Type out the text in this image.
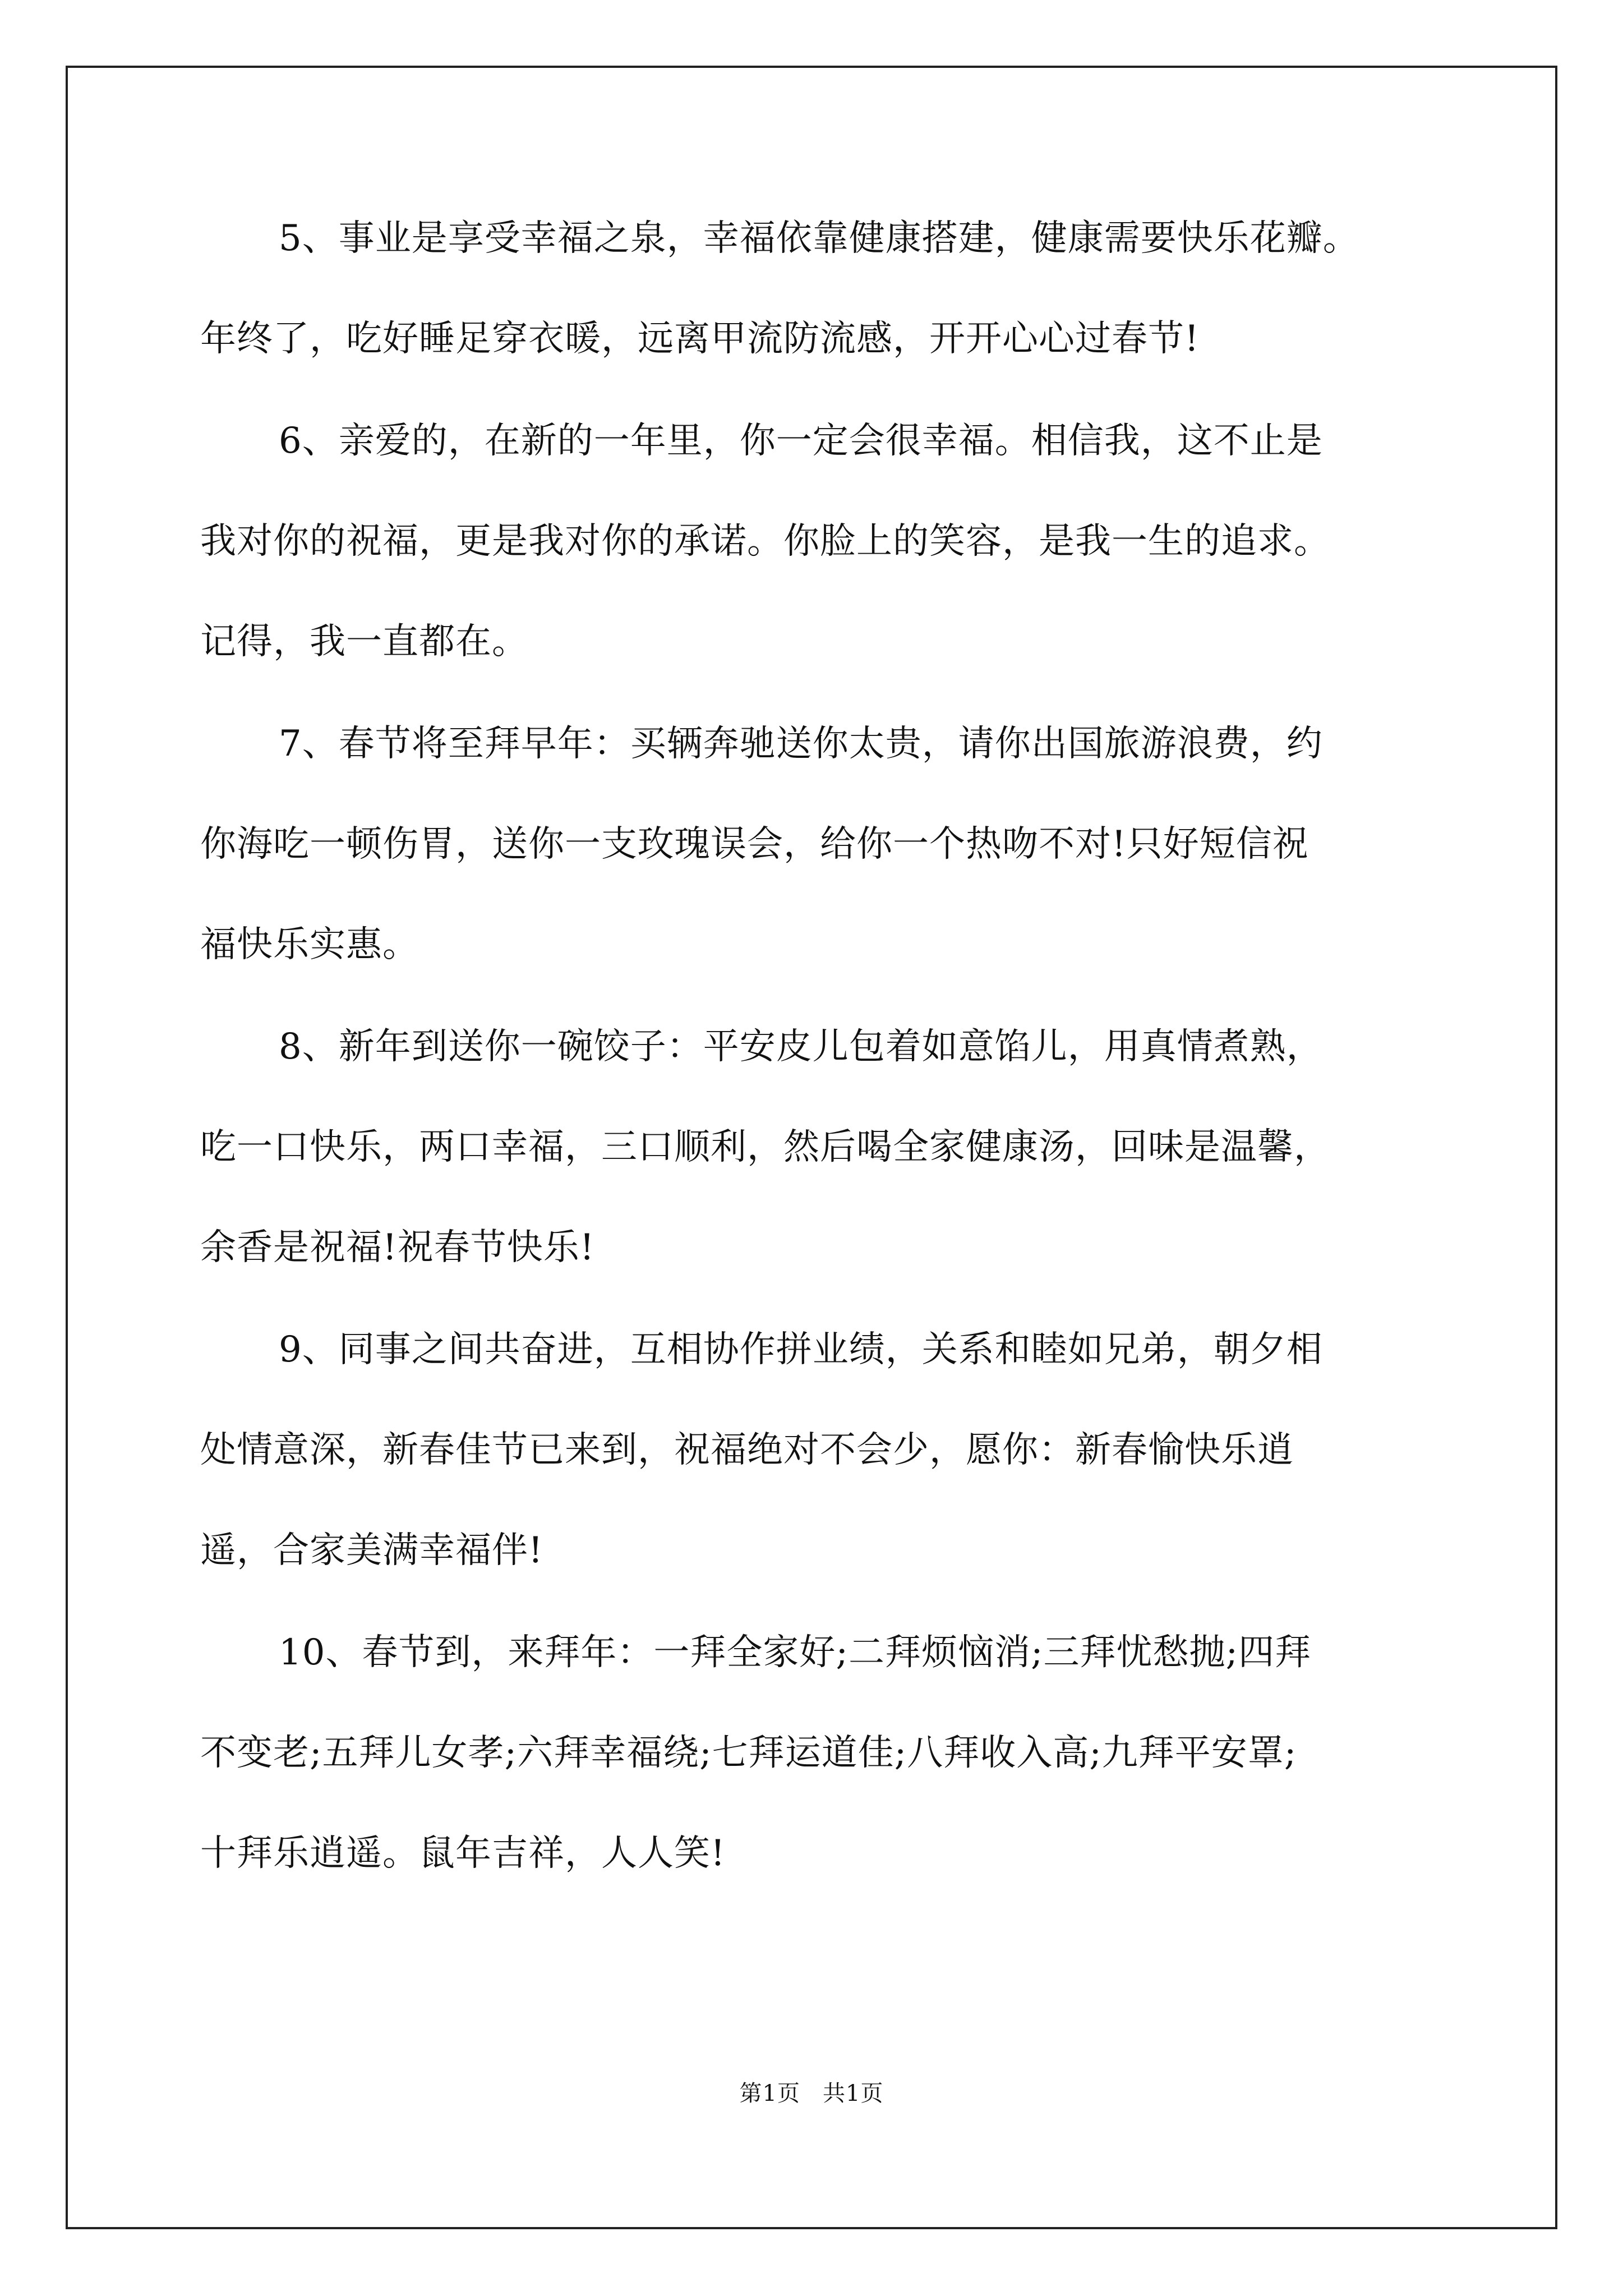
5、事业是享受幸福之泉，幸福依靠健康搭建，健康需要快乐花瓣。
年终了，吃好睡足穿衣暖，远离甲流防流感，开开心心过春节!
6、亲爱的，在新的一年里，你一定会很幸福。相信我，这不止是
我对你的祝福，更是我对你的承诺。你脸上的笑容，是我一生的追求。
记得，我一直都在。
7、春节将至拜早年：买辆奔驰送你太贵，请你出国旅游浪费，约
你海吃一顿伤胃，送你一支玫瑰误会，给你一个热吻不对!只好短信祝
福快乐实惠。
8、新年到送你一碗饺子：平安皮儿包着如意馅儿，用真情煮熟，
吃一口快乐，两口幸福，三口顺利，然后喝全家健康汤，回味是温馨，
余香是祝福!祝春节快乐!
9、同事之间共奋进，互相协作拼业绩，关系和睦如兄弟，朝夕相
处情意深，新春佳节已来到，祝福绝对不会少，愿你：新春愉快乐逍
遥，合家美满幸福伴!
10、春节到，来拜年：一拜全家好;二拜烦恼消;三拜忧愁抛;四拜
不变老;五拜儿女孝;六拜幸福绕;七拜运道佳;八拜收入高;九拜平安罩;
十拜乐逍遥。鼠年吉祥，人人笑!
第1页 共1页
